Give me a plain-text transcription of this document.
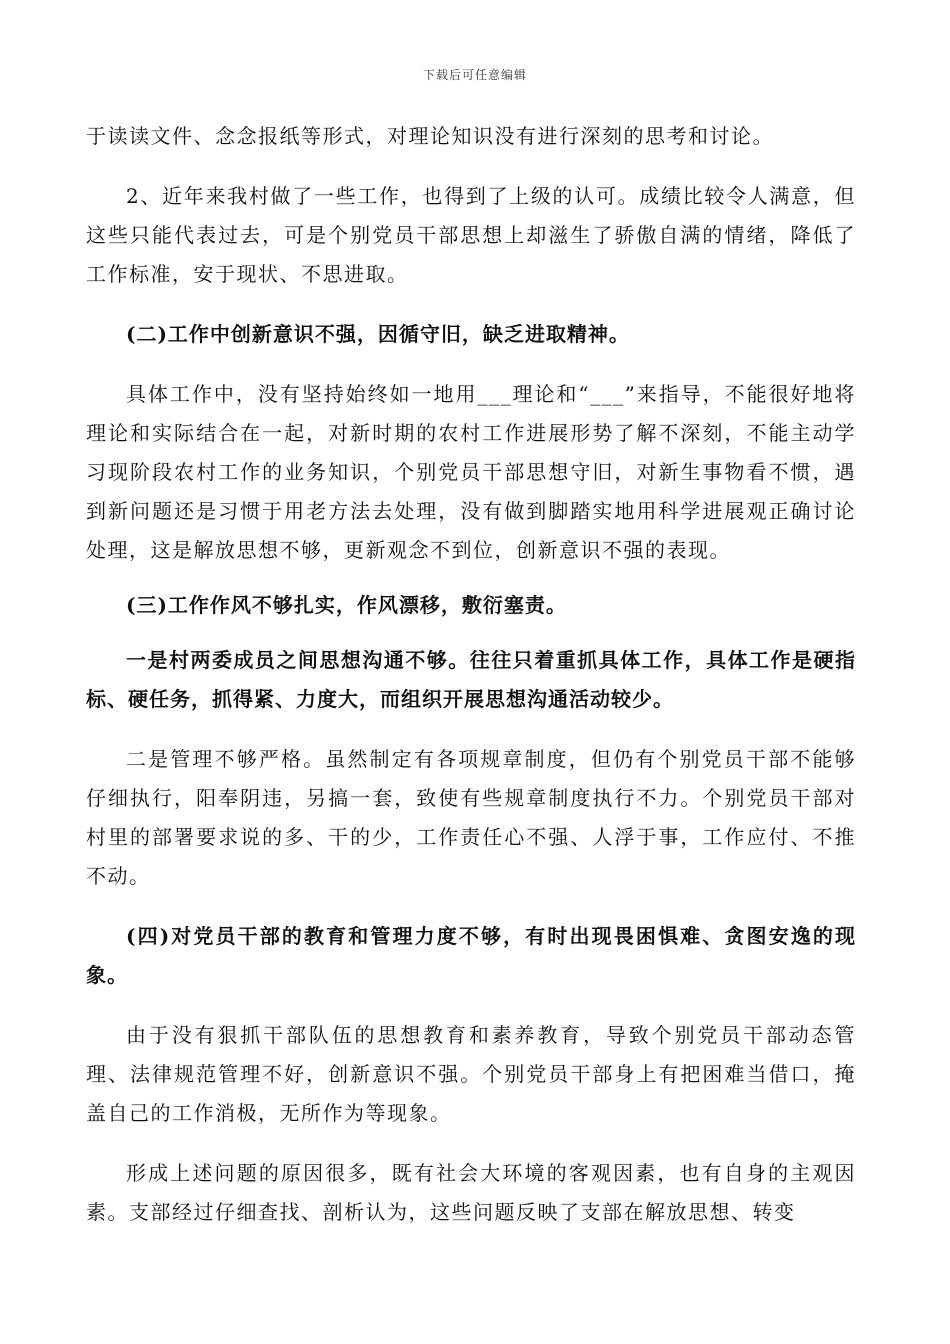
下载后可任意编辑

于读读文件、念念报纸等形式，对理论知识没有进行深刻的思考和讨论。

2、近年来我村做了一些工作，也得到了上级的认可。成绩比较令人满意，但这些只能代表过去，可是个别党员干部思想上却滋生了骄傲自满的情绪，降低了工作标准，安于现状、不思进取。

(二)工作中创新意识不强，因循守旧，缺乏进取精神。

具体工作中，没有坚持始终如一地用___理论和“___”来指导，不能很好地将理论和实际结合在一起，对新时期的农村工作进展形势了解不深刻，不能主动学习现阶段农村工作的业务知识，个别党员干部思想守旧，对新生事物看不惯，遇到新问题还是习惯于用老方法去处理，没有做到脚踏实地用科学进展观正确讨论处理，这是解放思想不够，更新观念不到位，创新意识不强的表现。

(三)工作作风不够扎实，作风漂移，敷衍塞责。

一是村两委成员之间思想沟通不够。往往只着重抓具体工作，具体工作是硬指标、硬任务，抓得紧、力度大，而组织开展思想沟通活动较少。

二是管理不够严格。虽然制定有各项规章制度，但仍有个别党员干部不能够仔细执行，阳奉阴违，另搞一套，致使有些规章制度执行不力。个别党员干部对村里的部署要求说的多、干的少，工作责任心不强、人浮于事，工作应付、不推不动。

(四)对党员干部的教育和管理力度不够，有时出现畏困惧难、贪图安逸的现象。

由于没有狠抓干部队伍的思想教育和素养教育，导致个别党员干部动态管理、法律规范管理不好，创新意识不强。个别党员干部身上有把困难当借口，掩盖自己的工作消极，无所作为等现象。

形成上述问题的原因很多，既有社会大环境的客观因素，也有自身的主观因素。支部经过仔细查找、剖析认为，这些问题反映了支部在解放思想、转变
